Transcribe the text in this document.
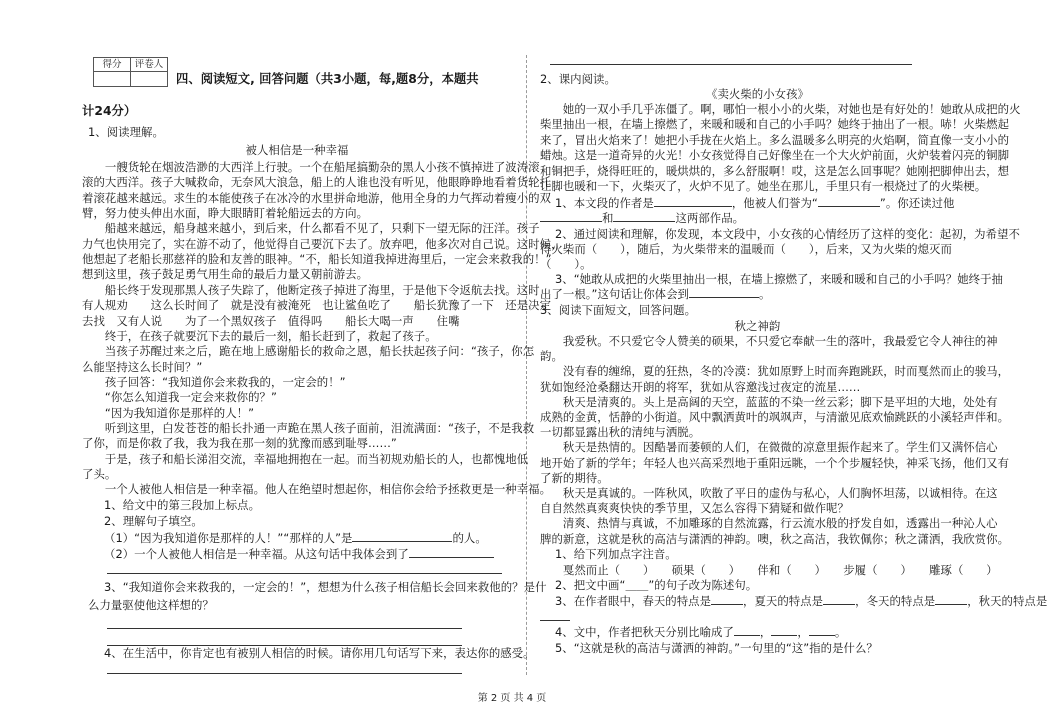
得分	评卷人
四、阅读短文, 回答问题（共3小题，每,题8分，本题共
计24分）
1、阅读理解。
被人相信是一种幸福
　　一艘货轮在烟波浩渺的大西洋上行驶。一个在船尾搞勤杂的黑人小孩不慎掉进了波涛滚
滚的大西洋。孩子大喊救命，无奈风大浪急，船上的人谁也没有听见，他眼睁睁地看着货轮托
着滚花越来越远。求生的本能使孩子在冰冷的水里拼命地游，他用全身的力气挥动着瘦小的双
臂，努力使头伸出水面，睁大眼睛盯着轮船远去的方向。
　　船越来越远，船身越来越小，到后来，什么都看不见了，只剩下一望无际的汪洋。孩子
力气也快用完了，实在游不动了，他觉得自己要沉下去了。放弃吧，他多次对自己说。这时候，
他想起了老船长那慈祥的脸和友善的眼神。“不，船长知道我掉进海里后，一定会来救我的！”
想到这里，孩子鼓足勇气用生命的最后力量又朝前游去。
　　船长终于发现那黑人孩子失踪了，他断定孩子掉进了海里，于是他下令返航去找。这时
有人规劝　　这么长时间了　就是没有被淹死　也让鲨鱼吃了　　船长犹豫了一下　还是决定
去找　又有人说　　为了一个黑奴孩子　值得吗　　船长大喝一声　　住嘴
　　终于，在孩子就要沉下去的最后一刻，船长赶到了，救起了孩子。
　　当孩子苏醒过来之后，跪在地上感谢船长的救命之恩，船长扶起孩子问：“孩子，你怎
么能坚持这么长时间？”
　　孩子回答：“我知道你会来救我的，一定会的！”
　　“你怎么知道我一定会来救你的？”
　　“因为我知道你是那样的人！”
　　听到这里，白发苍苍的船长扑通一声跪在黑人孩子面前，泪流满面：“孩子，不是我救
了你，而是你救了我，我为我在那一刻的犹豫而感到耻辱……”
　　于是，孩子和船长涕泪交流，幸福地拥抱在一起。而当初规劝船长的人，也都愧地低
了头。
　　一个人被他人相信是一种幸福。他人在绝望时想起你，相信你会给予拯救更是一种幸福。
1、给文中的第三段加上标点。
2、理解句子填空。
（1）“因为我知道你是那样的人！”“那样的人”是	的人。
（2）一个人被他人相信是一种幸福。从这句话中我体会到了
3、“我知道你会来救我的，一定会的！”，想想为什么孩子相信船长会回来救他的？是什
么力量驱使他这样想的？
4、在生活中，你肯定也有被别人相信的时候。请你用几句话写下来，表达你的感受。
2、课内阅读。
《卖火柴的小女孩》
　　她的一双小手几乎冻僵了。啊，哪怕一根小小的火柴，对她也是有好处的！她敢从成把的火
柴里抽出一根，在墙上擦燃了，来暖和暖和自己的小手吗？她终于抽出了一根。哧！火柴燃起
来了，冒出火焰来了！她把小手拢在火焰上。多么温暖多么明亮的火焰啊，简直像一支小小的
蜡烛。这是一道奇异的火光！小女孩觉得自己好像坐在一个大火炉前面，火炉装着闪亮的铜脚
和铜把手，烧得旺旺的，暖烘烘的，多么舒服啊！哎，这是怎么回事呢？她刚把脚伸出去，想
让脚也暖和一下，火柴灭了，火炉不见了。她坐在那儿，手里只有一根烧过了的火柴梗。
1、本文段的作者是	，他被人们誉为“	”。你还读过他
和	这两部作品。
2、通过阅读和理解，你发现，本文段中，小女孩的心情经历了这样的变化：起初，为希望不
得火柴而（　　），随后，为火柴带来的温暖而（　　），后来，又为火柴的熄灭而
（　　）。
3、“她敢从成把的火柴里抽出一根，在墙上擦燃了，来暖和暖和自己的小手吗？她终于抽
出了一根。”这句话让你体会到	。
3、阅读下面短文，回答问题。
秋之神韵
　　我爱秋。不只爱它令人赞美的硕果，不只爱它奉献一生的落叶，我最爱它令人神往的神
韵。
　　没有春的缠绵，夏的狂热，冬的冷漠：犹如原野上时而奔跑跳跃，时而戛然而止的骏马，
犹如饱经沧桑翻达开朗的将军，犹如从容邀浅过夜定的流星……
　　秋天是清爽的。头上是高阔的天空，蓝蓝的不染一丝云彩；脚下是平坦的大地，处处有
成熟的金黄，恬静的小街道。风中飘洒黄叶的飒飒声，与清澈见底欢愉跳跃的小溪轻声伴和。
一切都显露出秋的清纯与洒脱。
　　秋天是热情的。因酷暑而萎顿的人们，在微微的凉意里振作起来了。学生们又满怀信心
地开始了新的学年；年轻人也兴高采烈地于重阳远眺，一个个步履轻快，神采飞扬，他们又有
了新的期待。
　　秋天是真诚的。一阵秋风，吹散了平日的虚伪与私心，人们胸怀坦荡，以诚相待。在这
自自然然真爽爽快快的季节里，又怎么容得下猜疑和做作呢？
　　清爽、热情与真诚，不加雕琢的自然流露，行云流水般的抒发自如，透露出一种沁人心
脾的新意，这就是秋的高洁与潇洒的神韵。噢，秋之高洁，我钦佩你；秋之潇洒，我欣赏你。
1、给下列加点字注音。
　　戛然而止（　　）　　硕果（　　）　　伴和（　　）　　步履（　　）　　雕琢（　　）
2、把文中画“＿＿”的句子改为陈述句。
3、在作者眼中，春天的特点是	，夏天的特点是	，冬天的特点是	，秋天的特点是
4、文中，作者把秋天分别比喻成了 ， ， 。
5、“这就是秋的高洁与潇洒的神韵。”一句里的“这”指的是什么？
第 2 页 共 4 页
